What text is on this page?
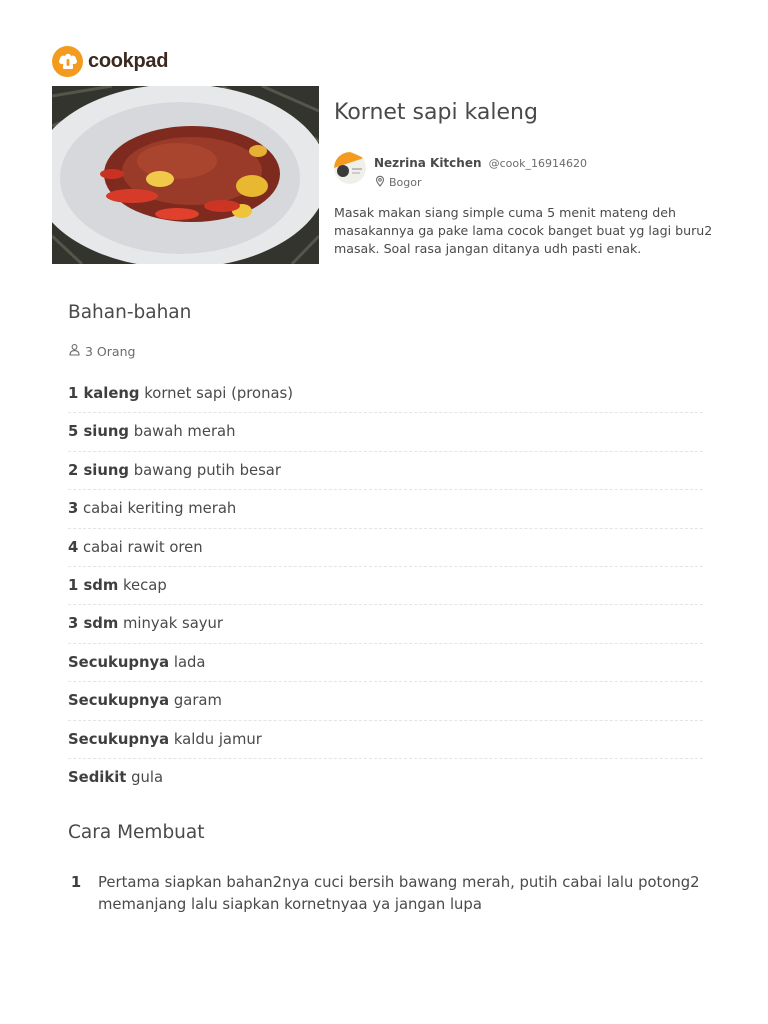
cookpad
Kornet sapi kaleng
Nezrina Kitchen @cook_16914620
Bogor

Masak makan siang simple cuma 5 menit mateng deh masakannya ga pake lama cocok banget buat yg lagi buru2 masak. Soal rasa jangan ditanya udh pasti enak.

Bahan-bahan
3 Orang
1 kaleng kornet sapi (pronas)
5 siung bawah merah
2 siung bawang putih besar
3 cabai keriting merah
4 cabai rawit oren
1 sdm kecap
3 sdm minyak sayur
Secukupnya lada
Secukupnya garam
Secukupnya kaldu jamur
Sedikit gula
Cara Membuat
1 Pertama siapkan bahan2nya cuci bersih bawang merah, putih cabai lalu potong2 memanjang lalu siapkan kornetnyaa ya jangan lupa
